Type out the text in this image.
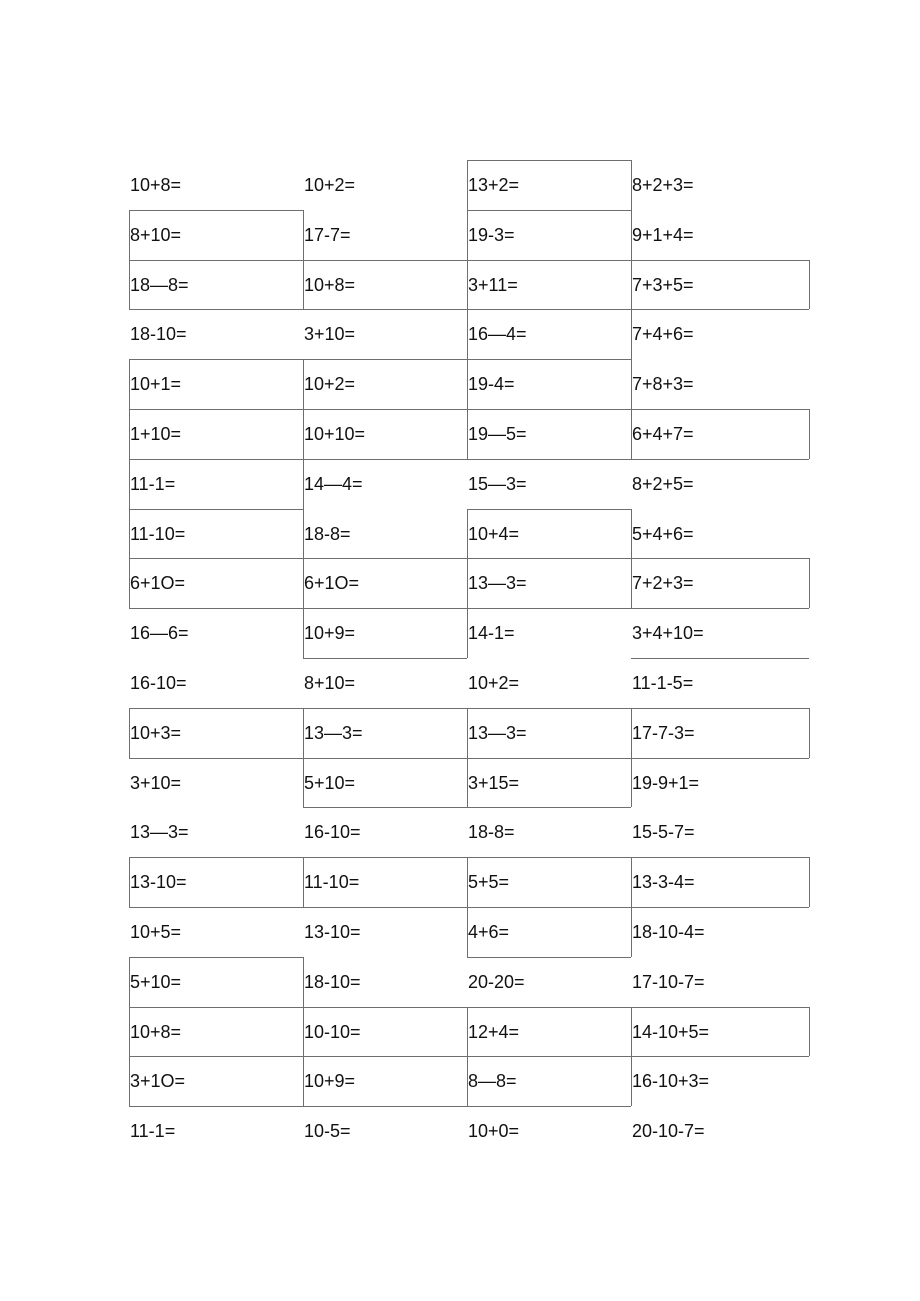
10+8=	10+2=	13+2=	8+2+3=
8+10=	17-7=	19-3=	9+1+4=
18—8=	10+8=	3+11=	7+3+5=
18-10=	3+10=	16—4=	7+4+6=
10+1=	10+2=	19-4=	7+8+3=
1+10=	10+10=	19—5=	6+4+7=
11-1=	14—4=	15—3=	8+2+5=
11-10=	18-8=	10+4=	5+4+6=
6+1O=	6+1O=	13—3=	7+2+3=
16—6=	10+9=	14-1=	3+4+10=
16-10=	8+10=	10+2=	11-1-5=
10+3=	13—3=	13—3=	17-7-3=
3+10=	5+10=	3+15=	19-9+1=
13—3=	16-10=	18-8=	15-5-7=
13-10=	11-10=	5+5=	13-3-4=
10+5=	13-10=	4+6=	18-10-4=
5+10=	18-10=	20-20=	17-10-7=
10+8=	10-10=	12+4=	14-10+5=
3+1O=	10+9=	8—8=	16-10+3=
11-1=	10-5=	10+0=	20-10-7=
